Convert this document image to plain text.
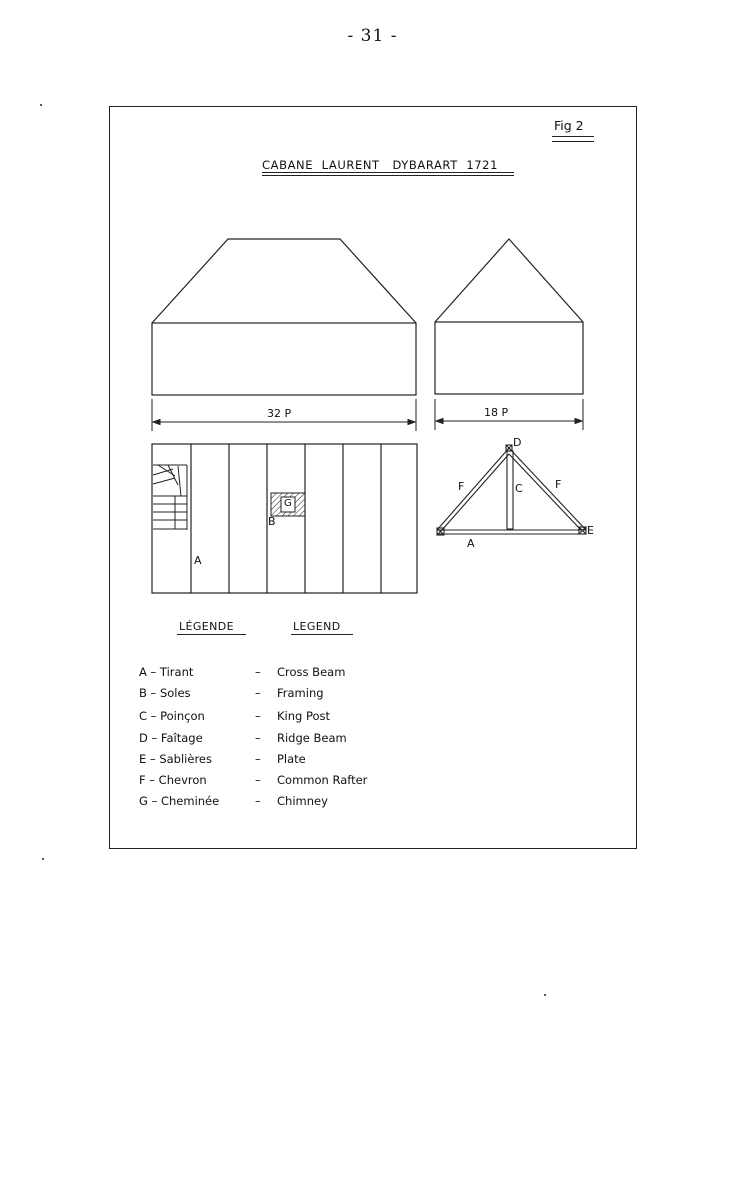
- 31 -
Fig 2
CABANE  LAURENT   DYBARART  1721
32 P	18 P
A
B
G
D
C
F	F
E
A
LÉGENDE	LEGEND
A – Tirant	– Cross Beam
B – Soles	– Framing
C – Poinçon	– King Post
D – Faîtage	– Ridge Beam
E – Sablières	– Plate
F – Chevron	– Common Rafter
G – Cheminée	– Chimney
